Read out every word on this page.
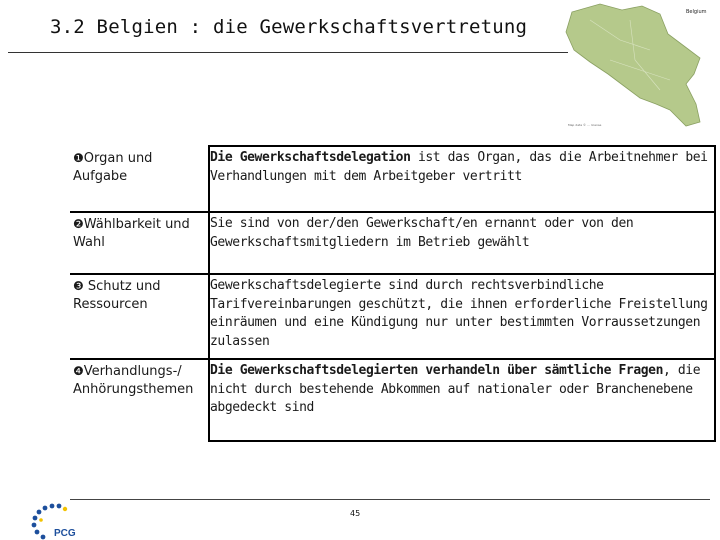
3.2 Belgien : die Gewerkschaftsvertretung
Belgium
Map data © … license
❶Organ und Aufgabe
Die Gewerkschaftsdelegation ist das Organ, das die Arbeitnehmer bei Verhandlungen mit dem Arbeitgeber vertritt
❷Wählbarkeit und Wahl
Sie sind von der/den Gewerkschaft/en ernannt oder von den Gewerkschaftsmitgliedern im Betrieb gewählt
❸ Schutz und Ressourcen
Gewerkschaftsdelegierte sind durch rechtsverbindliche Tarifvereinbarungen geschützt, die ihnen erforderliche Freistellung einräumen und eine Kündigung nur unter bestimmten Vorraussetzungen zulassen
❹Verhandlungs-/ Anhörungsthemen
Die Gewerkschaftsdelegierten verhandeln über sämtliche Fragen, die nicht durch bestehende Abkommen auf nationaler oder Branchenebene abgedeckt sind
45
PCG
